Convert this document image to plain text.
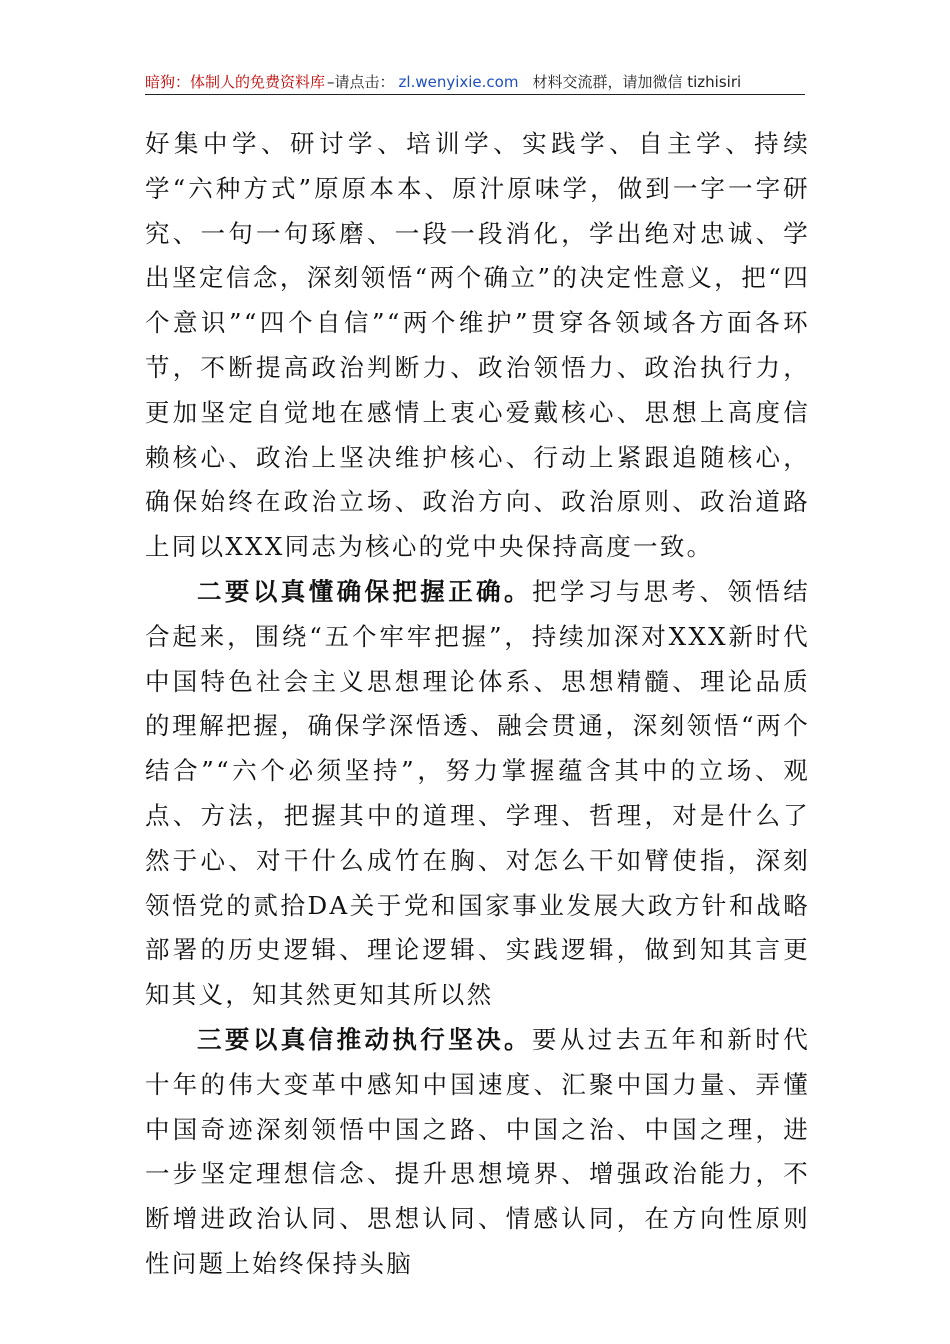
暗狗：体制人的免费资料库 –请点击： zl.wenyixie.com 材料交流群，请加微信 tizhisiri

好集中学、研讨学、培训学、实践学、自主学、持续学“六种方式”原原本本、原汁原味学，做到一字一字研究、一句一句琢磨、一段一段消化，学出绝对忠诚、学出坚定信念，深刻领悟“两个确立”的决定性意义，把“四个意识”“四个自信”“两个维护”贯穿各领域各方面各环节，不断提高政治判断力、政治领悟力、政治执行力，更加坚定自觉地在感情上衷心爱戴核心、思想上高度信赖核心、政治上坚决维护核心、行动上紧跟追随核心，确保始终在政治立场、政治方向、政治原则、政治道路上同以XXX同志为核心的党中央保持高度一致。

二要以真懂确保把握正确。把学习与思考、领悟结合起来，围绕“五个牢牢把握”，持续加深对XXX新时代中国特色社会主义思想理论体系、思想精髓、理论品质的理解把握，确保学深悟透、融会贯通，深刻领悟“两个结合”“六个必须坚持”，努力掌握蕴含其中的立场、观点、方法，把握其中的道理、学理、哲理，对是什么了然于心、对干什么成竹在胸、对怎么干如臂使指，深刻领悟党的贰拾DA关于党和国家事业发展大政方针和战略部署的历史逻辑、理论逻辑、实践逻辑，做到知其言更知其义，知其然更知其所以然

三要以真信推动执行坚决。要从过去五年和新时代十年的伟大变革中感知中国速度、汇聚中国力量、弄懂中国奇迹深刻领悟中国之路、中国之治、中国之理，进一步坚定理想信念、提升思想境界、增强政治能力，不断增进政治认同、思想认同、情感认同，在方向性原则性问题上始终保持头脑
